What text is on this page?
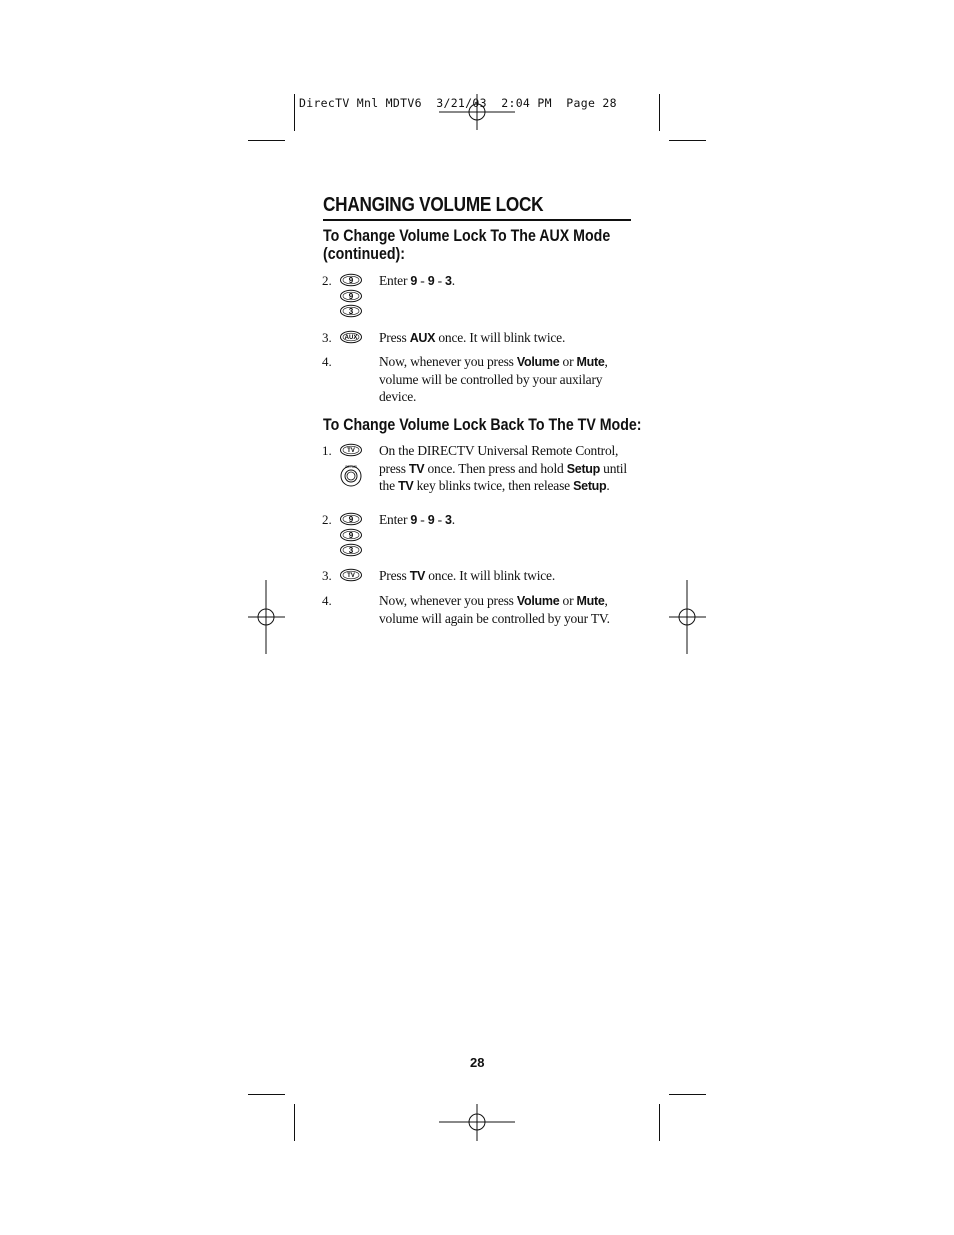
DirecTV Mnl MDTV6  3/21/03  2:04 PM  Page 28
CHANGING VOLUME LOCK
To Change Volume Lock To The AUX Mode
(continued):
To Change Volume Lock Back To The TV Mode:
2. 9
9
3
Enter 9 - 9 - 3.
3. AUX Press AUX once. It will blink twice.
4.	Now, whenever you press Volume or Mute,
volume will be controlled by your auxilary
device.
1.	TV
SETUP
On the DIRECTV Universal Remote Control,
press TV once. Then press and hold Setup until
the TV key blinks twice, then release Setup.
2. 9
9
3
Enter 9 - 9 - 3.
3.	TV Press TV once. It will blink twice.
4.	Now, whenever you press Volume or Mute,
volume will again be controlled by your TV.
28
